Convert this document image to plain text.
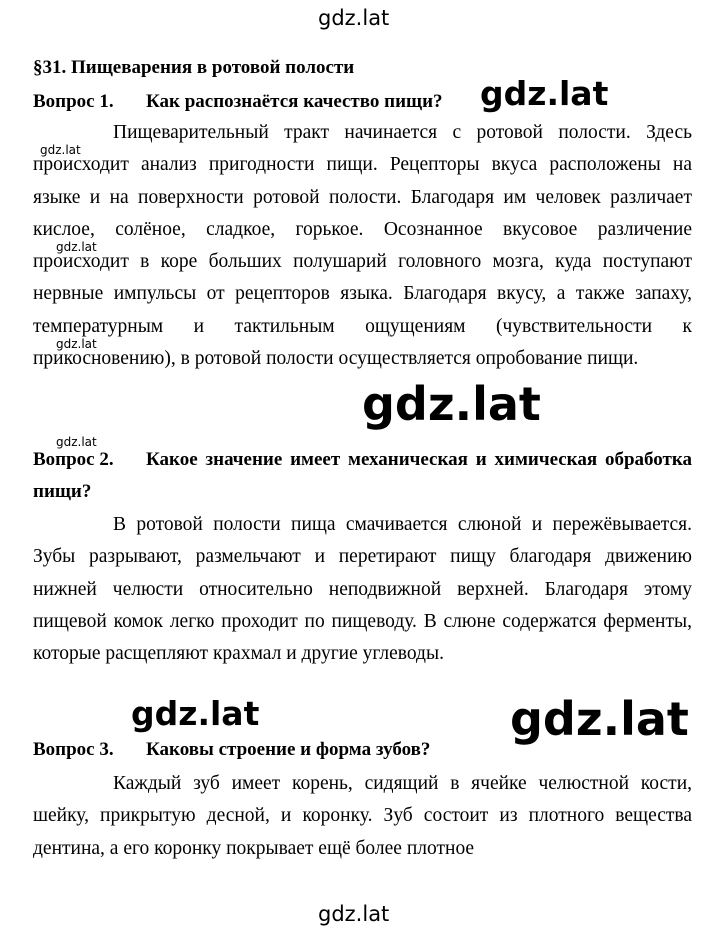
gdz.lat
§31. Пищеварения в ротовой полости
Вопрос 1. Как распознаётся качество пищи?	gdz.lat

Пищеварительный тракт начинается с ротовой полости. Здесь происходит анализ пригодности пищи. Рецепторы вкуса расположены на языке и на поверхности ротовой полости. Благодаря им человек различает кислое, солёное, сладкое, горькое. Осознанное вкусовое различение происходит в коре больших полушарий головного мозга, куда поступают нервные импульсы от рецепторов языка. Благодаря вкусу, а также запаху, температурным и тактильным ощущениям (чувствительности к прикосновению), в ротовой полости осуществляется опробование пищи.

gdz.lat
gdz.lat
gdz.lat
gdz.lat
gdz.lat
Вопрос 2. Какое значение имеет механическая и химическая обработка пищи?

В ротовой полости пища смачивается слюной и пережёвывается. Зубы разрывают, размельчают и перетирают пищу благодаря движению нижней челюсти относительно неподвижной верхней. Благодаря этому пищевой комок легко проходит по пищеводу. В слюне содержатся ферменты, которые расщепляют крахмал и другие углеводы.

gdz.lat	gdz.lat
Вопрос 3. Каковы строение и форма зубов?

Каждый зуб имеет корень, сидящий в ячейке челюстной кости, шейку, прикрытую десной, и коронку. Зуб состоит из плотного вещества дентина, а его коронку покрывает ещё более плотное

gdz.lat
